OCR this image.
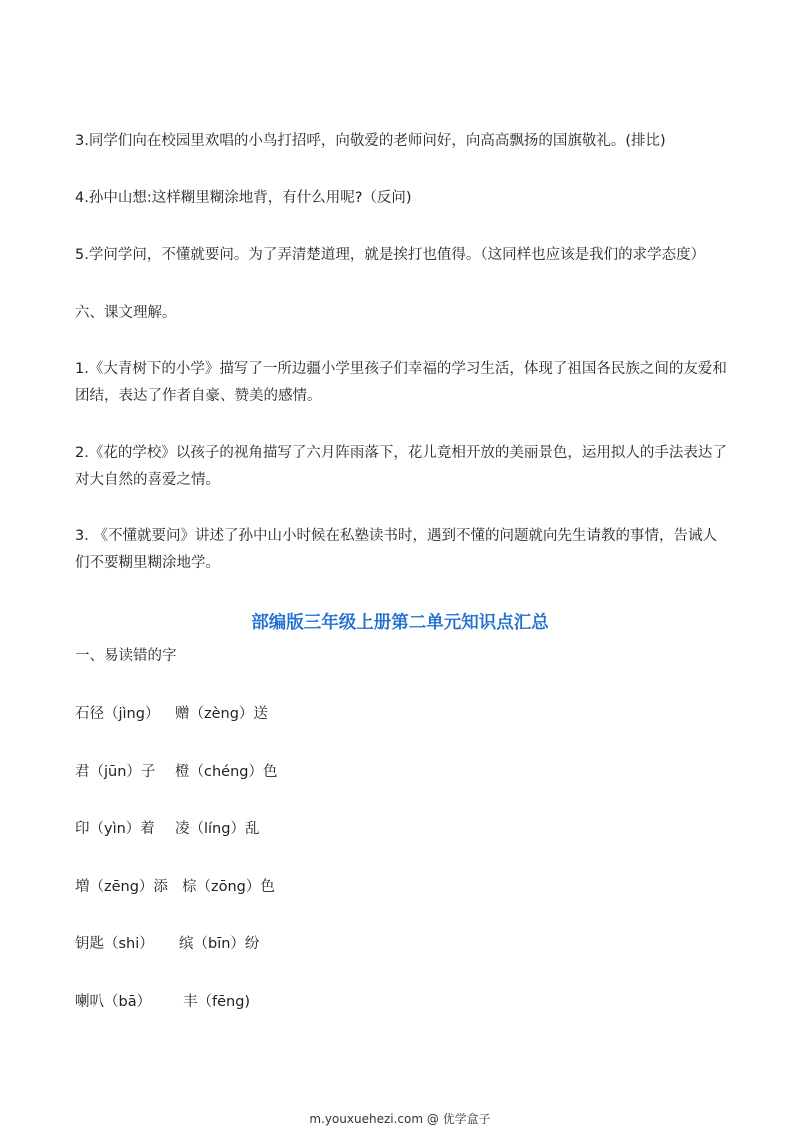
3.同学们向在校园里欢唱的小鸟打招呼，向敬爱的老师问好，向高高飘扬的国旗敬礼。(排比)
4.孙中山想:这样糊里糊涂地背，有什么用呢?（反问)
5.学问学问，不懂就要问。为了弄清楚道理，就是挨打也值得。（这同样也应该是我们的求学态度）
六、课文理解。
1.《大青树下的小学》描写了一所边疆小学里孩子们幸福的学习生活，体现了祖国各民族之间的友爱和团结，表达了作者自豪、赞美的感情。
2.《花的学校》以孩子的视角描写了六月阵雨落下，花儿竟相开放的美丽景色，运用拟人的手法表达了对大自然的喜爱之情。
3. 《不懂就要问》讲述了孙中山小时候在私塾读书时，遇到不懂的问题就向先生请教的事情，告诫人们不要糊里糊涂地学。
部编版三年级上册第二单元知识点汇总
一、易读错的字
石径（jìng） 赠（zèng）送
君（jūn）子 橙（chéng）色
印（yìn）着 凌（líng）乱
増（zēng）添 棕（zōng）色
钥匙（shi） 缤（bīn）纷
喇叭（bā） 丰（fēng)
m.youxuehezi.com @ 优学盒子
